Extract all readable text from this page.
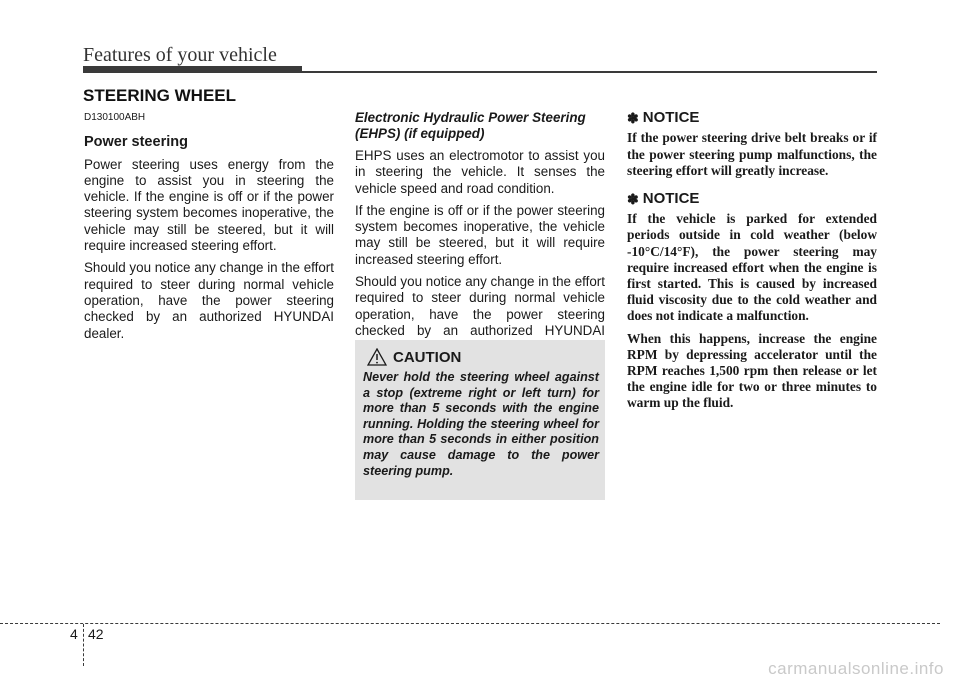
Features of your vehicle
STEERING WHEEL
D130100ABH
Power steering

Power steering uses energy from the engine to assist you in steering the vehicle. If the engine is off or if the power steering system becomes inoperative, the vehicle may still be steered, but it will require increased steering effort.

Should you notice any change in the effort required to steer during normal vehicle operation, have the power steering checked by an authorized HYUNDAI dealer.

Electronic Hydraulic Power Steering (EHPS) (if equipped)

EHPS uses an electromotor to assist you in steering the vehicle. It senses the vehicle speed and road condition.

If the engine is off or if the power steering system becomes inoperative, the vehicle may still be steered, but it will require increased steering effort.

Should you notice any change in the effort required to steer during normal vehicle operation, have the power steering checked by an authorized HYUNDAI

CAUTION
Never hold the steering wheel against a stop (extreme right or left turn) for more than 5 seconds with the engine running. Holding the steering wheel for more than 5 seconds in either position may cause damage to the power steering pump.
✽ NOTICE

If the power steering drive belt breaks or if the power steering pump malfunctions, the steering effort will greatly increase.

✽ NOTICE

If the vehicle is parked for extended periods outside in cold weather (below -10°C/14°F), the power steering may require increased effort when the engine is first started. This is caused by increased fluid viscosity due to the cold weather and does not indicate a malfunction.

When this happens, increase the engine RPM by depressing accelerator until the RPM reaches 1,500 rpm then release or let the engine idle for two or three minutes to warm up the fluid.

4 42
carmanualsonline.info
